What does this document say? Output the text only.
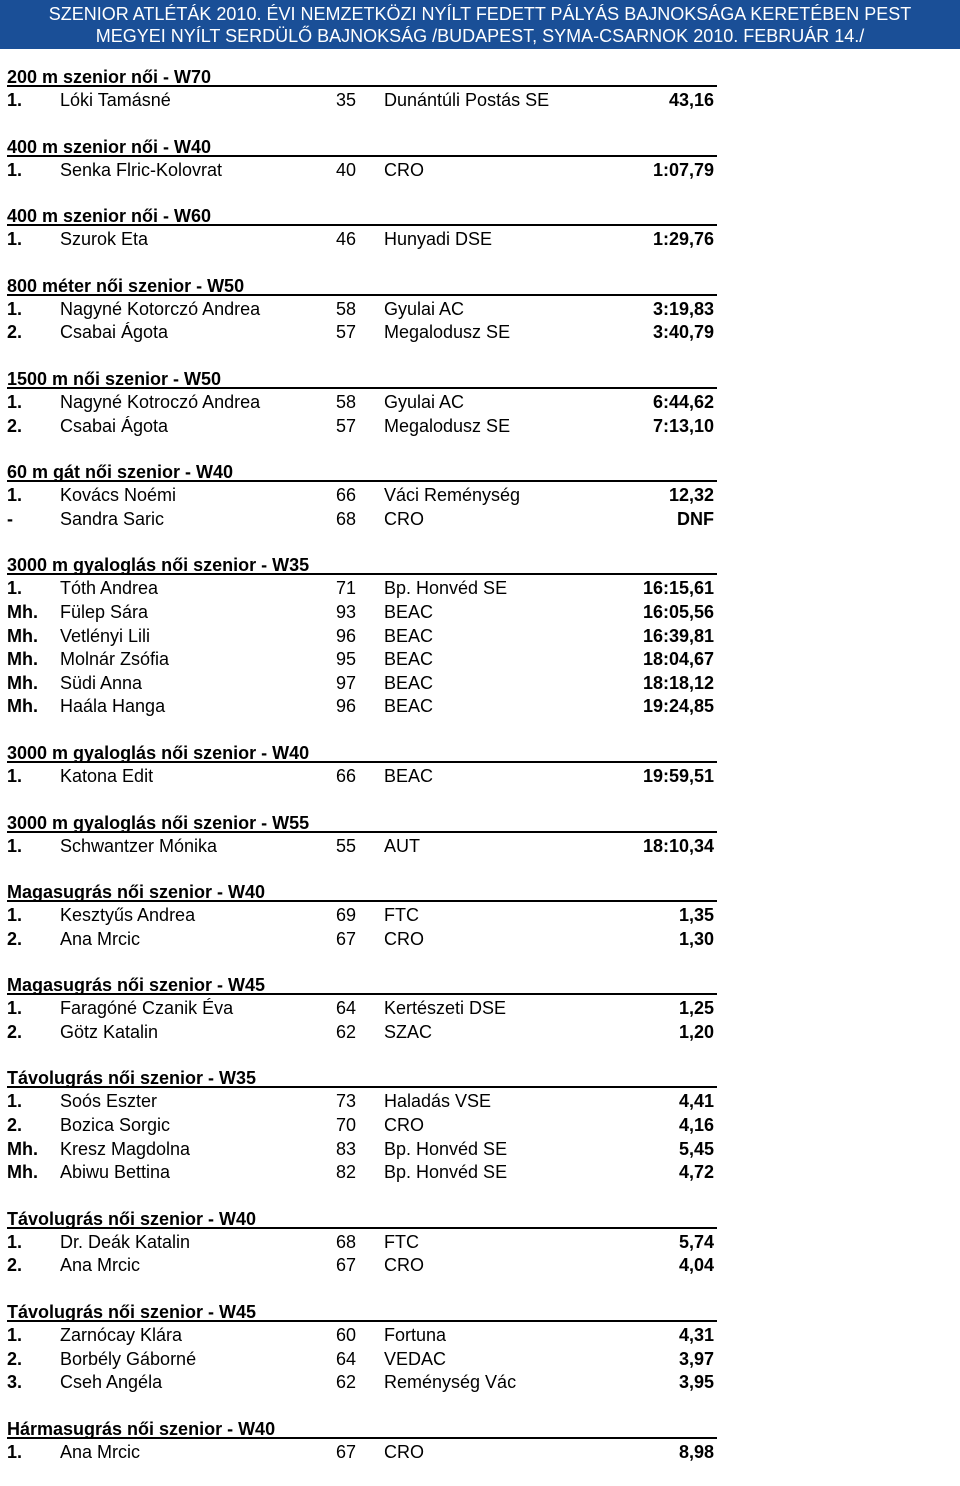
SZENIOR ATLÉTÁK 2010. ÉVI NEMZETKÖZI NYÍLT FEDETT PÁLYÁS BAJNOKSÁGA KERETÉBEN PEST
MEGYEI NYÍLT SERDÜLŐ BAJNOKSÁG /BUDAPEST, SYMA-CSARNOK 2010. FEBRUÁR 14./
200 m szenior női - W70
1. Lóki Tamásné	35 Dunántúli Postás SE	43,16
400 m szenior női - W40
1. Senka Flric-Kolovrat	40 CRO	1:07,79
400 m szenior női - W60
1. Szurok Eta	46 Hunyadi DSE	1:29,76
800 méter női szenior - W50
1. Nagyné Kotorczó Andrea	58 Gyulai AC	3:19,83
2. Csabai Ágota	57 Megalodusz SE	3:40,79
1500 m női szenior - W50
1. Nagyné Kotroczó Andrea	58 Gyulai AC	6:44,62
2. Csabai Ágota	57 Megalodusz SE	7:13,10
60 m gát női szenior - W40
1. Kovács Noémi	66 Váci Reménység	12,32
-	Sandra Saric	68 CRO	DNF
3000 m gyaloglás női szenior - W35
1. Tóth Andrea	71 Bp. Honvéd SE	16:15,61
Mh. Fülep Sára	93 BEAC	16:05,56
Mh. Vetlényi Lili	96 BEAC	16:39,81
Mh. Molnár Zsófia	95 BEAC	18:04,67
Mh. Südi Anna	97 BEAC	18:18,12
Mh. Haála Hanga	96 BEAC	19:24,85
3000 m gyaloglás női szenior - W40
1. Katona Edit	66 BEAC	19:59,51
3000 m gyaloglás női szenior - W55
1. Schwantzer Mónika	55 AUT	18:10,34
Magasugrás női szenior - W40
1. Kesztyűs Andrea	69 FTC	1,35
2. Ana Mrcic	67 CRO	1,30
Magasugrás női szenior - W45
1. Faragóné Czanik Éva	64 Kertészeti DSE	1,25
2. Götz Katalin	62 SZAC	1,20
Távolugrás női szenior - W35
1. Soós Eszter	73 Haladás VSE	4,41
2. Bozica Sorgic	70 CRO	4,16
Mh. Kresz Magdolna	83 Bp. Honvéd SE	5,45
Mh. Abiwu Bettina	82 Bp. Honvéd SE	4,72
Távolugrás női szenior - W40
1. Dr. Deák Katalin	68 FTC	5,74
2. Ana Mrcic	67 CRO	4,04
Távolugrás női szenior - W45
1. Zarnócay Klára	60 Fortuna	4,31
2. Borbély Gáborné	64 VEDAC	3,97
3. Cseh Angéla	62 Reménység Vác	3,95
Hármasugrás női szenior - W40
1. Ana Mrcic	67 CRO	8,98
